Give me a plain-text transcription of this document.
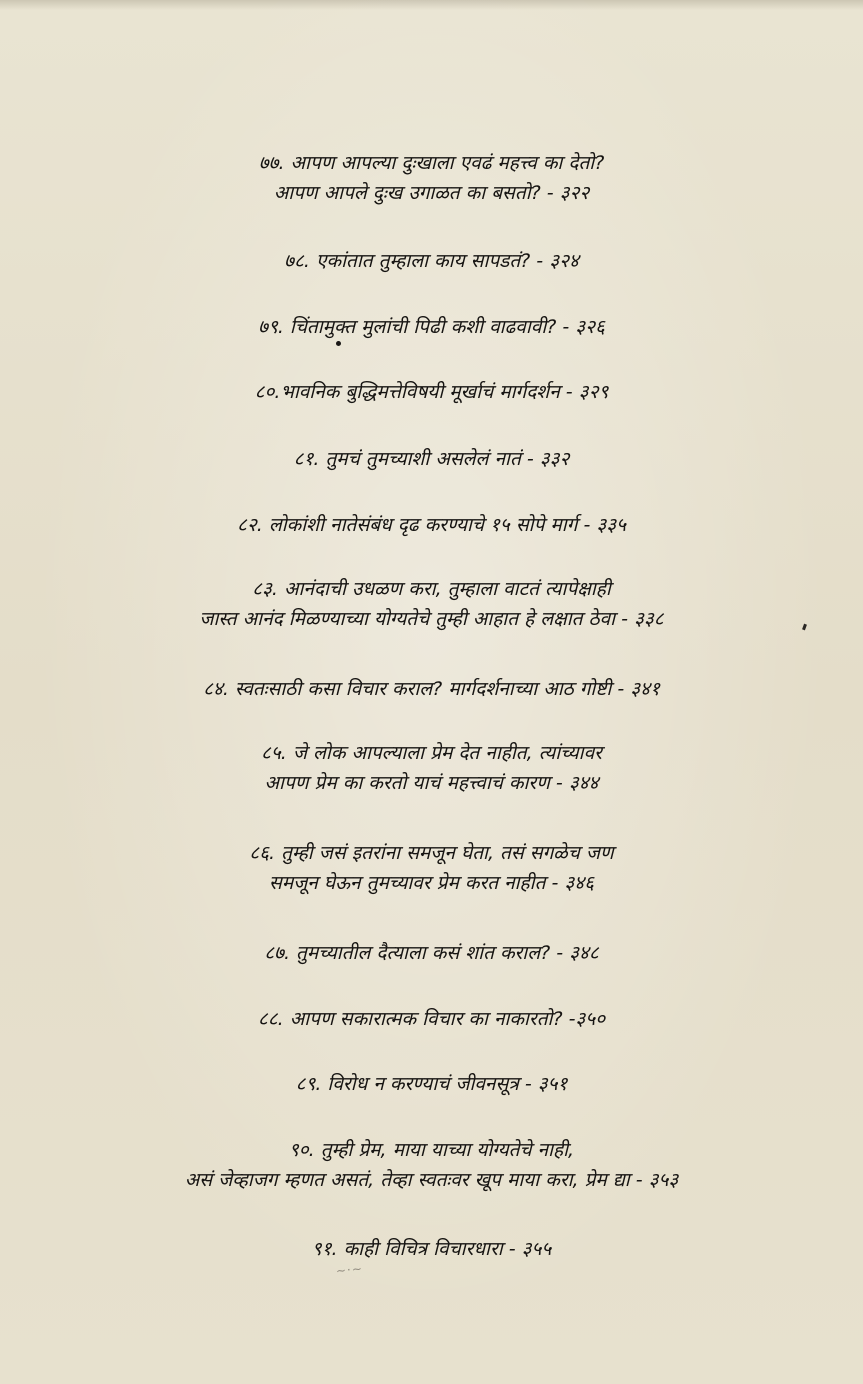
७७. आपण आपल्या दुःखाला एवढं महत्त्व का देतो?
आपण आपले दुःख उगाळत का बसतो? - ३२२
७८. एकांतात तुम्हाला काय सापडतं? - ३२४
७९. चिंतामुक्त मुलांची पिढी कशी वाढवावी? - ३२६
८०.भावनिक बुद्धिमत्तेविषयी मूर्खाचं मार्गदर्शन - ३२९
८१. तुमचं तुमच्याशी असलेलं नातं - ३३२
८२. लोकांशी नातेसंबंध दृढ करण्याचे १५ सोपे मार्ग - ३३५
८३. आनंदाची उधळण करा, तुम्हाला वाटतं त्यापेक्षाही
जास्त आनंद मिळण्याच्या योग्यतेचे तुम्ही आहात हे लक्षात ठेवा - ३३८
८४. स्वतःसाठी कसा विचार कराल? मार्गदर्शनाच्या आठ गोष्टी - ३४१
८५. जे लोक आपल्याला प्रेम देत नाहीत, त्यांच्यावर
आपण प्रेम का करतो याचं महत्त्वाचं कारण - ३४४
८६. तुम्ही जसं इतरांना समजून घेता, तसं सगळेच जण
समजून घेऊन तुमच्यावर प्रेम करत नाहीत - ३४६
८७. तुमच्यातील दैत्याला कसं शांत कराल? - ३४८
८८. आपण सकारात्मक विचार का नाकारतो? -३५०
८९. विरोध न करण्याचं जीवनसूत्र - ३५१
९०. तुम्ही प्रेम, माया याच्या योग्यतेचे नाही,
असं जेव्हाजग म्हणत असतं, तेव्हा स्वतःवर खूप माया करा, प्रेम द्या - ३५३
९१. काही विचित्र विचारधारा - ३५५
~·~
